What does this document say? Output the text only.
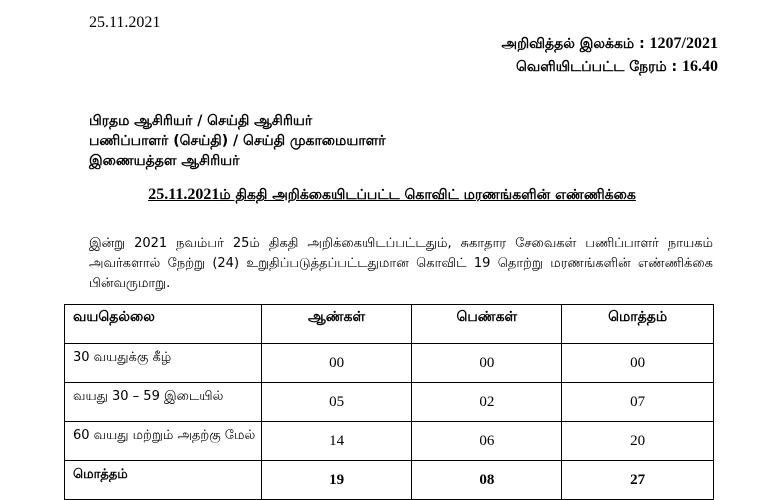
25.11.2021
அறிவித்தல் இலக்கம் : 1207/2021
வெளியிடப்பட்ட நேரம் : 16.40
பிரதம ஆசிரியர் / செய்தி ஆசிரியர்
பணிப்பாளர் (செய்தி) / செய்தி முகாமையாளர்
இணையத்தள ஆசிரியர்
25.11.2021ம் திகதி அறிக்கையிடப்பட்ட கொவிட் மரணங்களின் எண்ணிக்கை
இன்று 2021 நவம்பர் 25ம் திகதி அறிக்கையிடப்பட்டதும், சுகாதார சேவைகள் பணிப்பாளர் நாயகம் அவர்களால் நேற்று (24) உறுதிப்படுத்தப்பட்டதுமான கொவிட் 19 தொற்று மரணங்களின் எண்ணிக்கை பின்வருமாறு.
வயதெல்லை	ஆண்கள்	பெண்கள்	மொத்தம்
30 வயதுக்கு கீழ்	00	00	00
வயது 30 – 59 இடையில்	05	02	07
60 வயது மற்றும் அதற்கு மேல்	14	06	20
மொத்தம்	19	08	27
